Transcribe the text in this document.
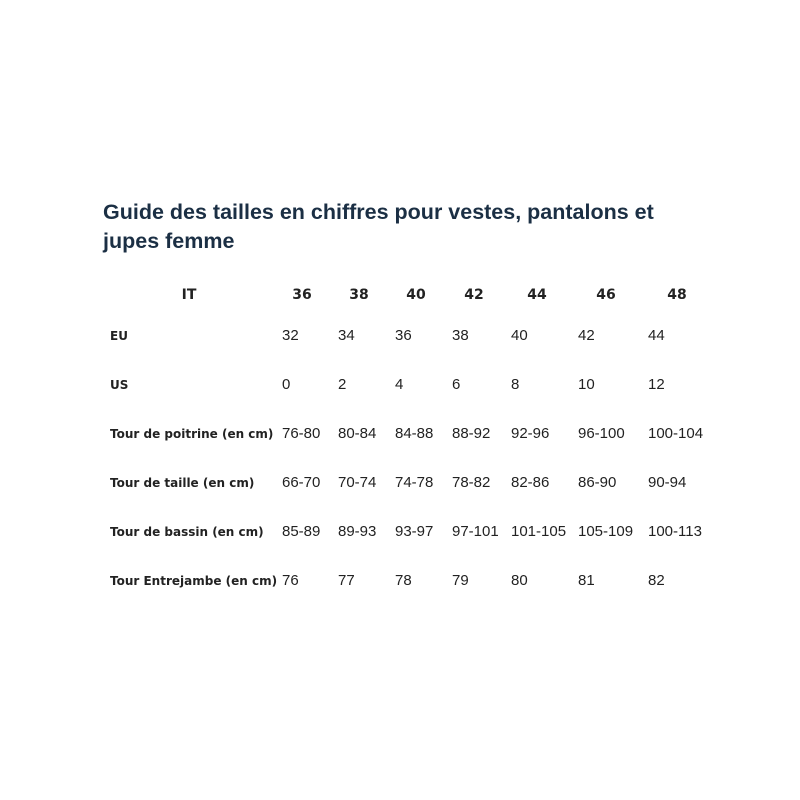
Guide des tailles en chiffres pour vestes, pantalons et jupes femme
IT	36	38	40	42	44	46	48
EU	32	34	36	38	40	42	44
US	0	2	4	6	8	10	12
Tour de poitrine (en cm) 76-80 80-84 84-88 88-92 92-96 96-100 100-104
Tour de taille (en cm) 66-70 70-74 74-78 78-82 82-86 86-90 90-94
Tour de bassin (en cm) 85-89 89-93 93-97 97-101 101-105 105-109 100-113
Tour Entrejambe (en cm) 76	77	78	79	80	81	82
